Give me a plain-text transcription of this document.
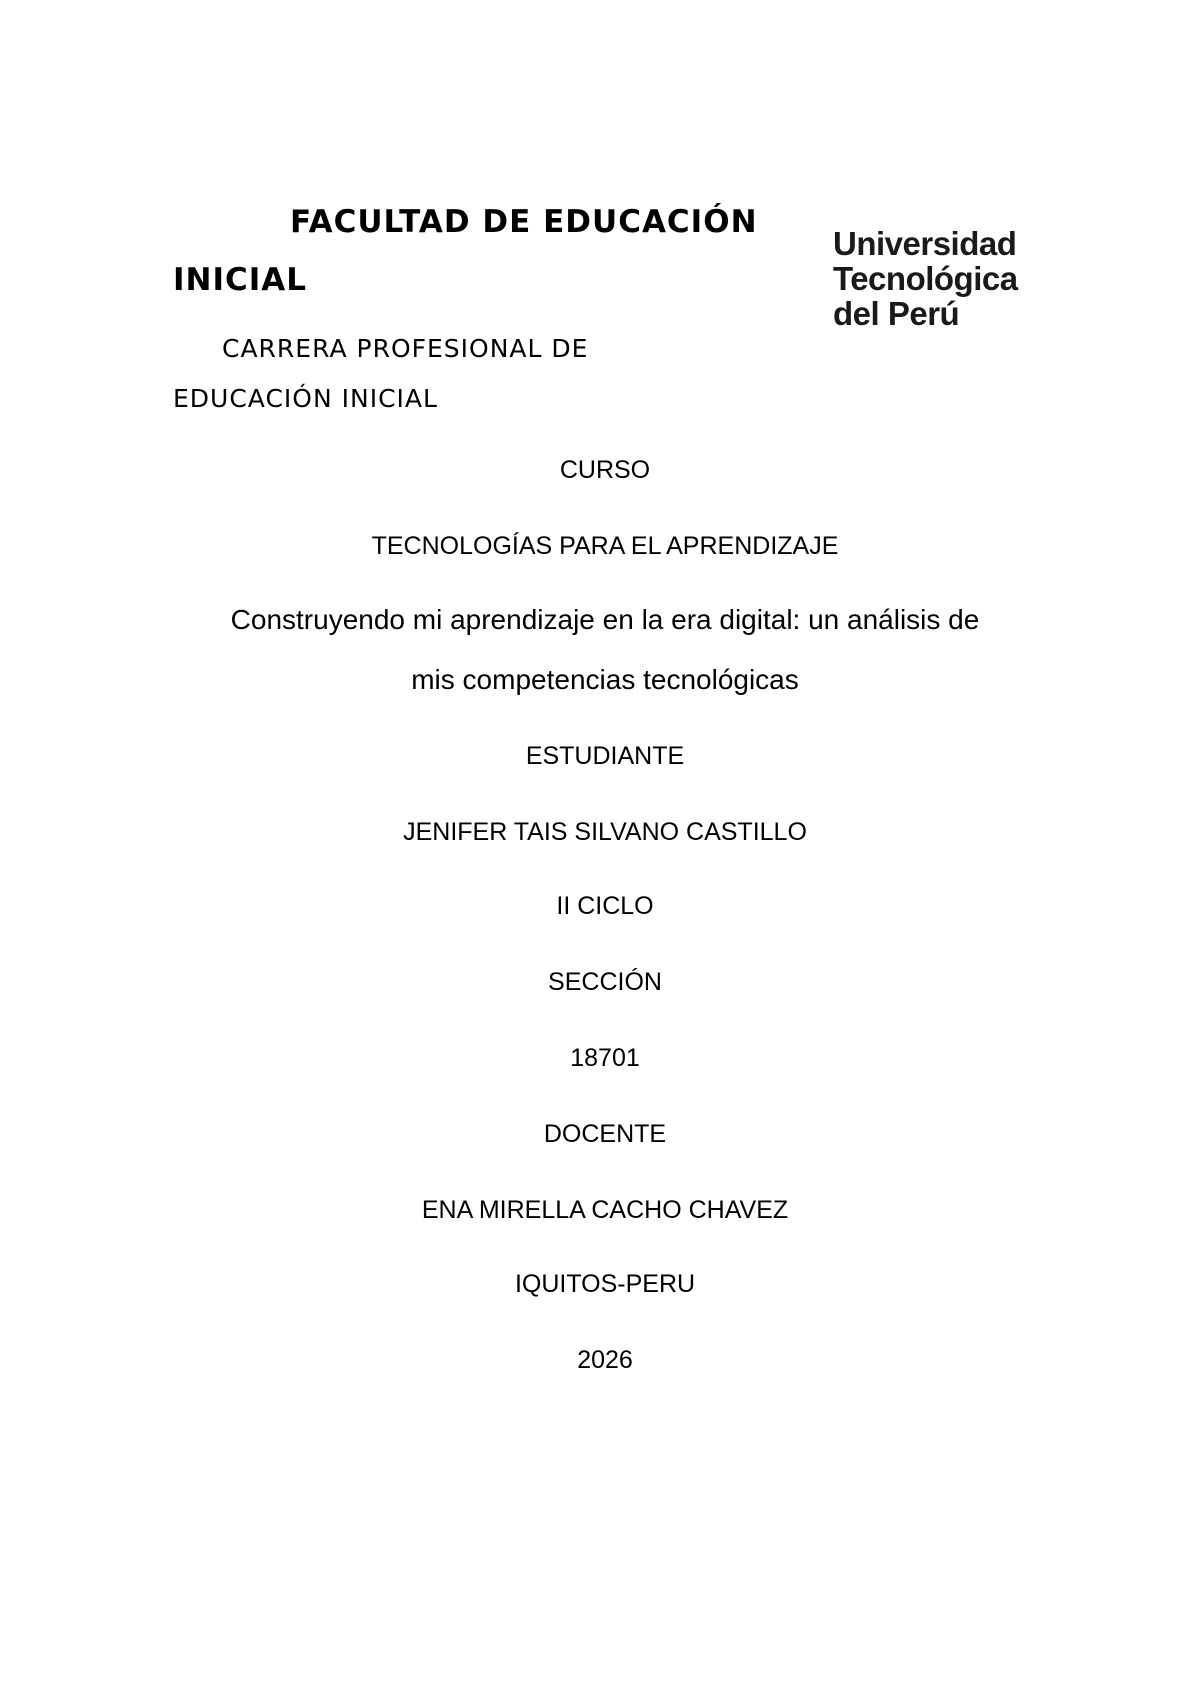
FACULTAD DE EDUCACIÓN
INICIAL
CARRERA PROFESIONAL DE
EDUCACIÓN INICIAL
Universidad
Tecnológica
del Perú
CURSO
TECNOLOGÍAS PARA EL APRENDIZAJE
Construyendo mi aprendizaje en la era digital: un análisis de
mis competencias tecnológicas
ESTUDIANTE
JENIFER TAIS SILVANO CASTILLO
II CICLO
SECCIÓN
18701
DOCENTE
ENA MIRELLA CACHO CHAVEZ
IQUITOS-PERU
2026
